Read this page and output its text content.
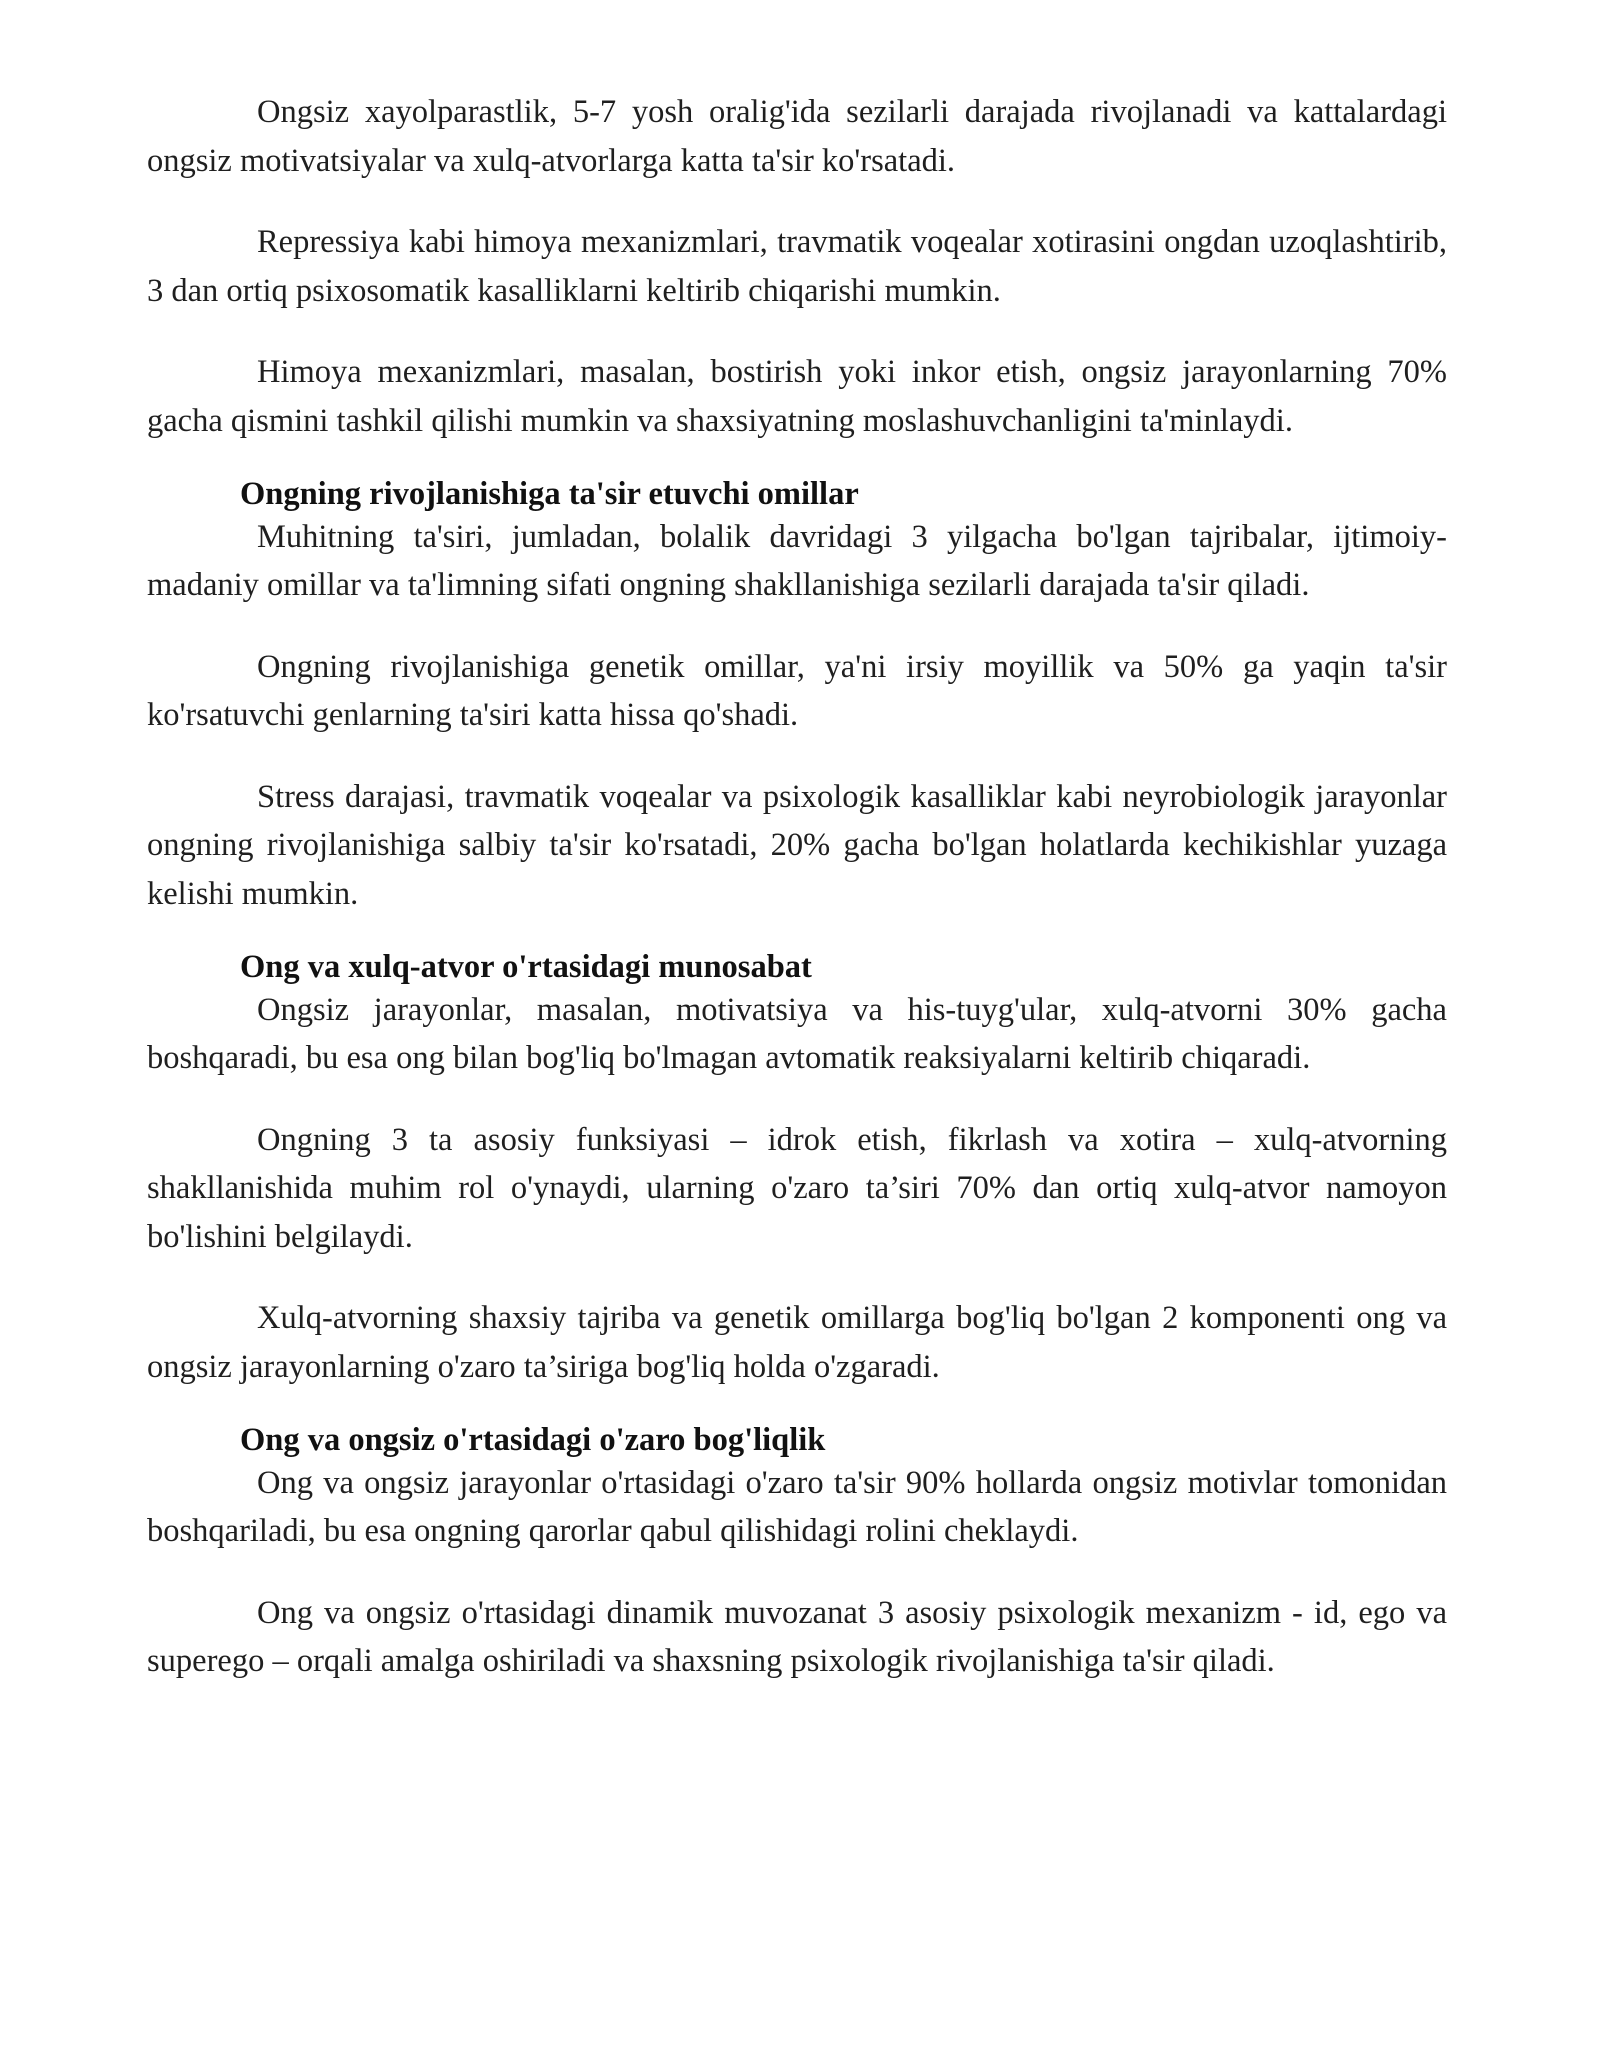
Ongsiz xayolparastlik, 5-7 yosh oralig'ida sezilarli darajada rivojlanadi va kattalardagi ongsiz motivatsiyalar va xulq-atvorlarga katta ta'sir ko'rsatadi.

Repressiya kabi himoya mexanizmlari, travmatik voqealar xotirasini ongdan uzoqlashtirib, 3 dan ortiq psixosomatik kasalliklarni keltirib chiqarishi mumkin.

Himoya mexanizmlari, masalan, bostirish yoki inkor etish, ongsiz jarayonlarning 70% gacha qismini tashkil qilishi mumkin va shaxsiyatning moslashuvchanligini ta'minlaydi.

Ongning rivojlanishiga ta'sir etuvchi omillar

Muhitning ta'siri, jumladan, bolalik davridagi 3 yilgacha bo'lgan tajribalar, ijtimoiy-madaniy omillar va ta'limning sifati ongning shakllanishiga sezilarli darajada ta'sir qiladi.

Ongning rivojlanishiga genetik omillar, ya'ni irsiy moyillik va 50% ga yaqin ta'sir ko'rsatuvchi genlarning ta'siri katta hissa qo'shadi.

Stress darajasi, travmatik voqealar va psixologik kasalliklar kabi neyrobiologik jarayonlar ongning rivojlanishiga salbiy ta'sir ko'rsatadi, 20% gacha bo'lgan holatlarda kechikishlar yuzaga kelishi mumkin.

Ong va xulq-atvor o'rtasidagi munosabat

Ongsiz jarayonlar, masalan, motivatsiya va his-tuyg'ular, xulq-atvorni 30% gacha boshqaradi, bu esa ong bilan bog'liq bo'lmagan avtomatik reaksiyalarni keltirib chiqaradi.

Ongning 3 ta asosiy funksiyasi – idrok etish, fikrlash va xotira – xulq-atvorning shakllanishida muhim rol o'ynaydi, ularning o'zaro ta’siri 70% dan ortiq xulq-atvor namoyon bo'lishini belgilaydi.

Xulq-atvorning shaxsiy tajriba va genetik omillarga bog'liq bo'lgan 2 komponenti ong va ongsiz jarayonlarning o'zaro ta’siriga bog'liq holda o'zgaradi.

Ong va ongsiz o'rtasidagi o'zaro bog'liqlik

Ong va ongsiz jarayonlar o'rtasidagi o'zaro ta'sir 90% hollarda ongsiz motivlar tomonidan boshqariladi, bu esa ongning qarorlar qabul qilishidagi rolini cheklaydi.

Ong va ongsiz o'rtasidagi dinamik muvozanat 3 asosiy psixologik mexanizm - id, ego va superego – orqali amalga oshiriladi va shaxsning psixologik rivojlanishiga ta'sir qiladi.
